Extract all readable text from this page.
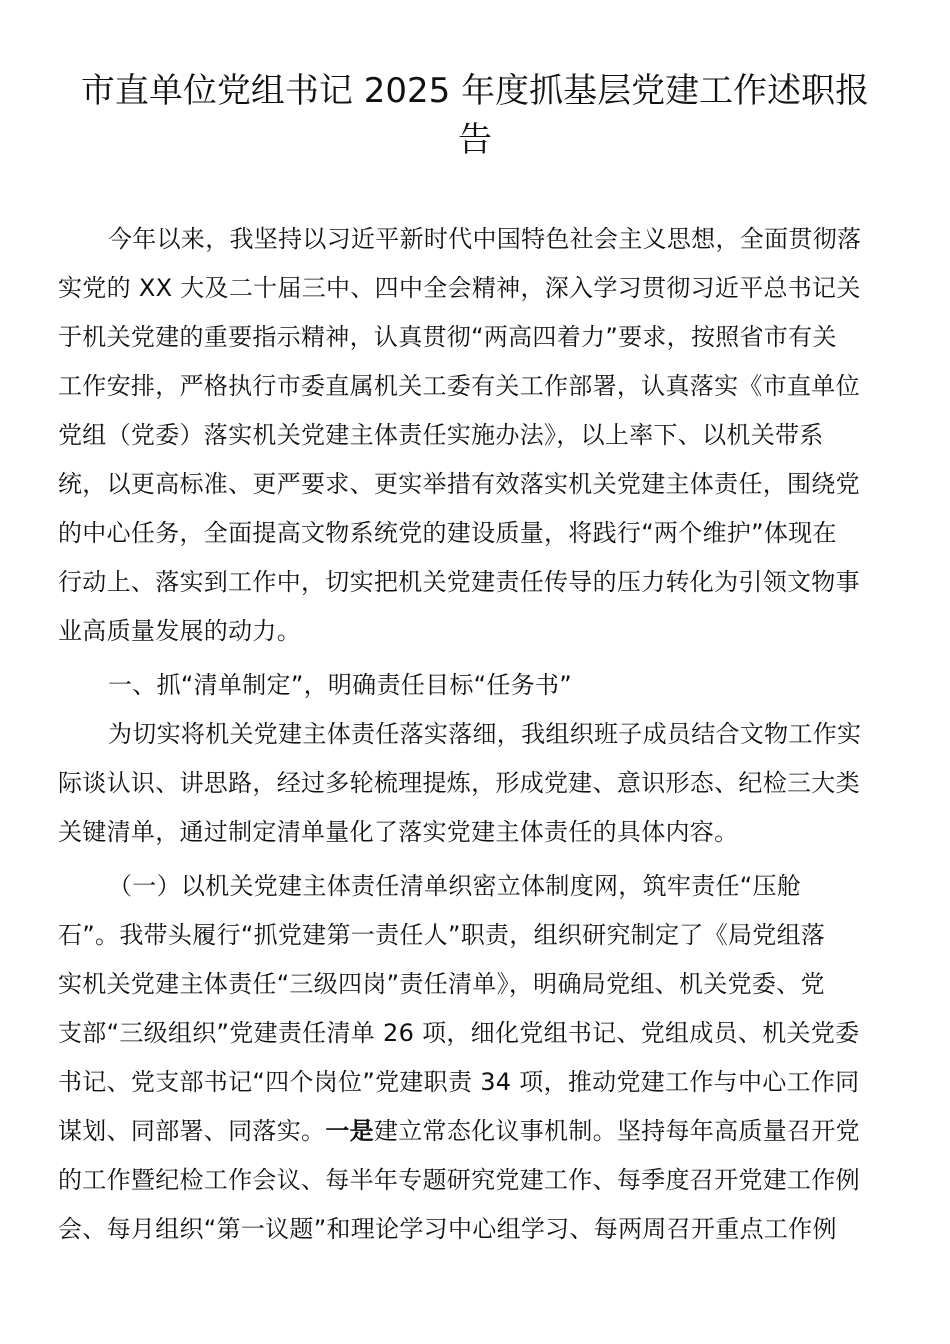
市直单位党组书记 2025 年度抓基层党建工作述职报
告
今年以来，我坚持以习近平新时代中国特色社会主义思想，全面贯彻落
实党的 XX 大及二十届三中、四中全会精神，深入学习贯彻习近平总书记关
于机关党建的重要指示精神，认真贯彻“两高四着力”要求，按照省市有关
工作安排，严格执行市委直属机关工委有关工作部署，认真落实《市直单位
党组（党委）落实机关党建主体责任实施办法》，以上率下、以机关带系
统，以更高标准、更严要求、更实举措有效落实机关党建主体责任，围绕党
的中心任务，全面提高文物系统党的建设质量，将践行“两个维护”体现在
行动上、落实到工作中，切实把机关党建责任传导的压力转化为引领文物事
业高质量发展的动力。
一、抓“清单制定”，明确责任目标“任务书”
为切实将机关党建主体责任落实落细，我组织班子成员结合文物工作实
际谈认识、讲思路，经过多轮梳理提炼，形成党建、意识形态、纪检三大类
关键清单，通过制定清单量化了落实党建主体责任的具体内容。
（一）以机关党建主体责任清单织密立体制度网，筑牢责任“压舱
石”。我带头履行“抓党建第一责任人”职责，组织研究制定了《局党组落
实机关党建主体责任“三级四岗”责任清单》，明确局党组、机关党委、党
支部“三级组织”党建责任清单 26 项，细化党组书记、党组成员、机关党委
书记、党支部书记“四个岗位”党建职责 34 项，推动党建工作与中心工作同
谋划、同部署、同落实。一是建立常态化议事机制。坚持每年高质量召开党
的工作暨纪检工作会议、每半年专题研究党建工作、每季度召开党建工作例
会、每月组织“第一议题”和理论学习中心组学习、每两周召开重点工作例
